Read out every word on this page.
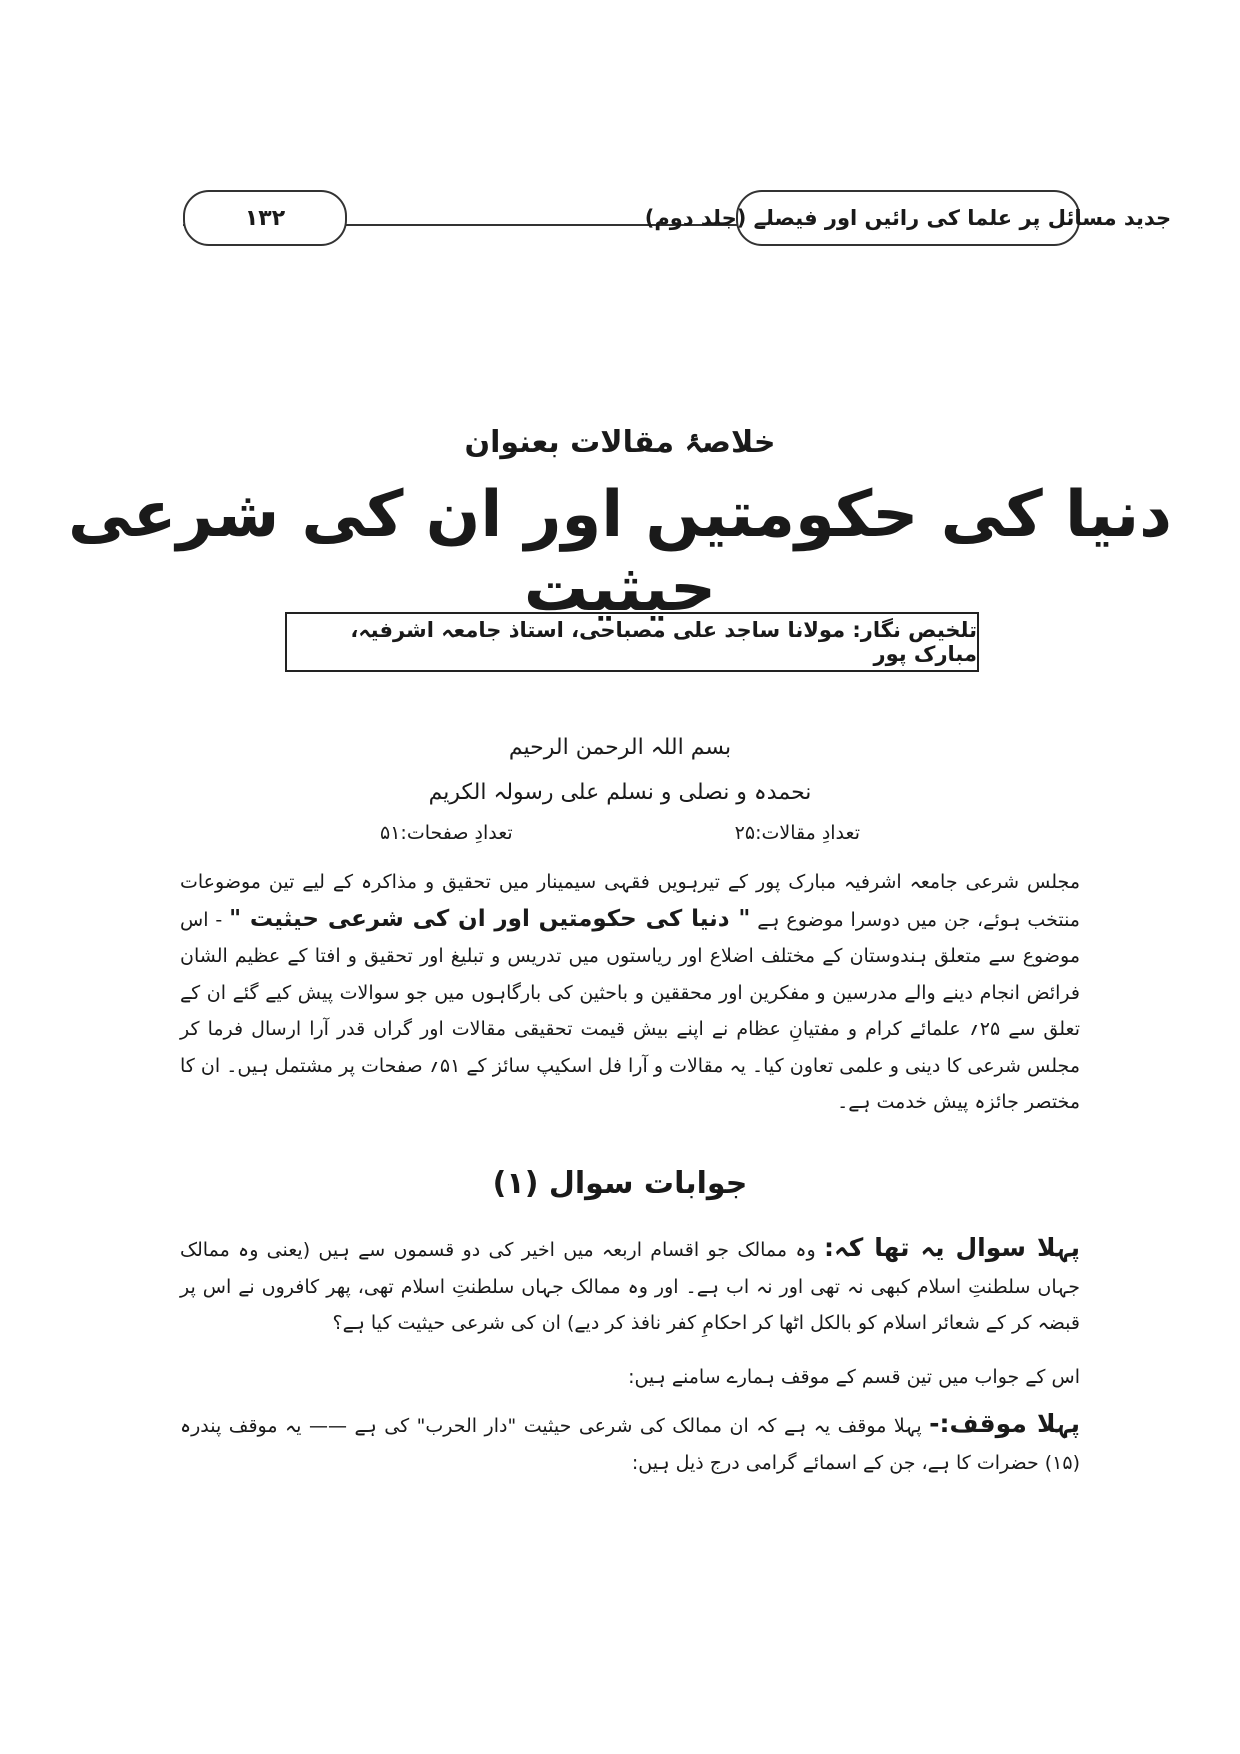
جدید مسائل پر علما کی رائیں اور فیصلے (جلد دوم)
۱۳۲
خلاصۂ مقالات بعنوان
دنیا کی حکومتیں اور ان کی شرعی حیثیت
تلخیص نگار: مولانا ساجد علی مصباحی، استاذ جامعہ اشرفیہ، مبارک پور
بسم اللہ الرحمن الرحیم
نحمدہ و نصلی و نسلم علی رسولہ الکریم
تعدادِ مقالات:۲۵
تعدادِ صفحات:۵۱
مجلس شرعی جامعہ اشرفیہ مبارک پور کے تیرہویں فقہی سیمینار میں تحقیق و مذاکرہ کے لیے تین موضوعات منتخب ہوئے، جن میں دوسرا موضوع ہے " دنیا کی حکومتیں اور ان کی شرعی حیثیت " - اس موضوع سے متعلق ہندوستان کے مختلف اضلاع اور ریاستوں میں تدریس و تبلیغ اور تحقیق و افتا کے عظیم الشان فرائض انجام دینے والے مدرسین و مفکرین اور محققین و باحثین کی بارگاہوں میں جو سوالات پیش کیے گئے ان کے تعلق سے ۲۵؍ علمائے کرام و مفتیانِ عظام نے اپنے بیش قیمت تحقیقی مقالات اور گراں قدر آرا ارسال فرما کر مجلس شرعی کا دینی و علمی تعاون کیا۔ یہ مقالات و آرا فل اسکیپ سائز کے ۵۱؍ صفحات پر مشتمل ہیں۔ ان کا مختصر جائزہ پیش خدمت ہے۔
جوابات سوال (۱)
پہلا سوال یہ تھا کہ: وہ ممالک جو اقسام اربعہ میں اخیر کی دو قسموں سے ہیں (یعنی وہ ممالک جہاں سلطنتِ اسلام کبھی نہ تھی اور نہ اب ہے۔ اور وہ ممالک جہاں سلطنتِ اسلام تھی، پھر کافروں نے اس پر قبضہ کر کے شعائر اسلام کو بالکل اٹھا کر احکامِ کفر نافذ کر دیے) ان کی شرعی حیثیت کیا ہے؟
اس کے جواب میں تین قسم کے موقف ہمارے سامنے ہیں:
پہلا موقف:- پہلا موقف یہ ہے کہ ان ممالک کی شرعی حیثیت "دار الحرب" کی ہے —— یہ موقف پندرہ (۱۵) حضرات کا ہے، جن کے اسمائے گرامی درج ذیل ہیں:
